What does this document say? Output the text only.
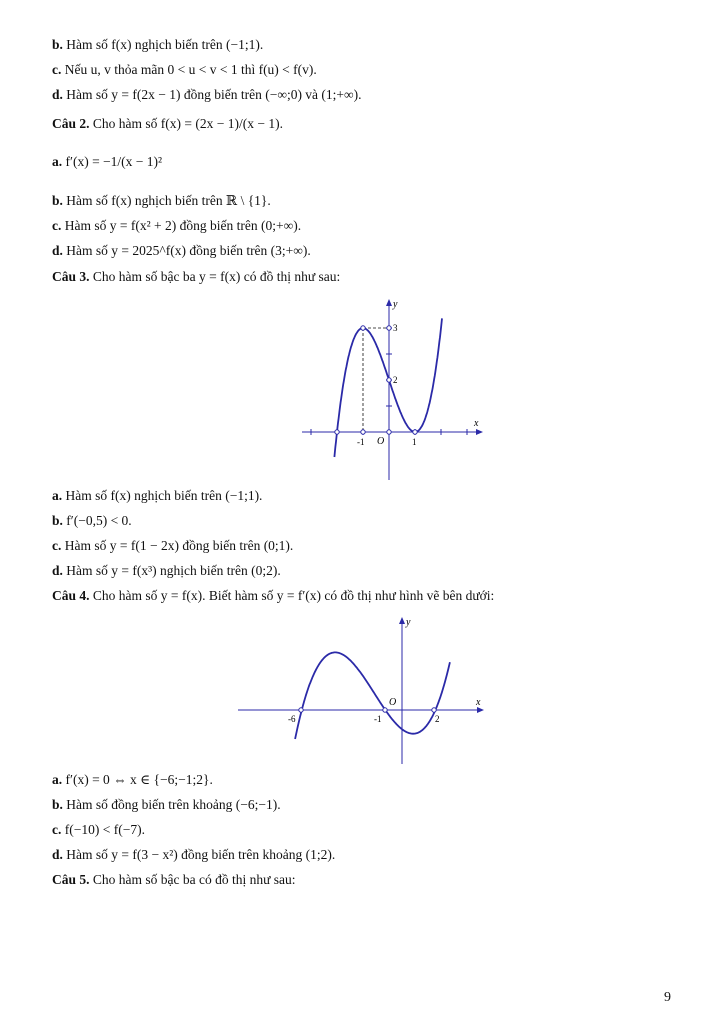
b. Hàm số f(x) nghịch biến trên (−1;1).
c. Nếu u, v thỏa mãn 0 < u < v < 1 thì f(u) < f(v).
d. Hàm số y = f(2x − 1) đồng biến trên (−∞;0) và (1;+∞).
Câu 2. Cho hàm số f(x) = (2x − 1)/(x − 1).
a. f′(x) = −1/(x − 1)²
b. Hàm số f(x) nghịch biến trên ℝ \ {1}.
c. Hàm số y = f(x² + 2) đồng biến trên (0;+∞).
d. Hàm số y = 2025^f(x) đồng biến trên (3;+∞).
Câu 3. Cho hàm số bậc ba y = f(x) có đồ thị như sau:
a. Hàm số f(x) nghịch biến trên (−1;1).
b. f′(−0,5) < 0.
c. Hàm số y = f(1 − 2x) đồng biến trên (0;1).
d. Hàm số y = f(x³) nghịch biến trên (0;2).
Câu 4. Cho hàm số y = f(x). Biết hàm số y = f′(x) có đồ thị như hình vẽ bên dưới:
a. f′(x) = 0 ⇔ x ∈ {−6;−1;2}.
b. Hàm số đồng biến trên khoảng (−6;−1).
c. f(−10) < f(−7).
d. Hàm số y = f(3 − x²) đồng biến trên khoảng (1;2).
Câu 5. Cho hàm số bậc ba có đồ thị như sau:
x
y
O
-1	1
2
3
x
y
O
-6	-1	2
9
